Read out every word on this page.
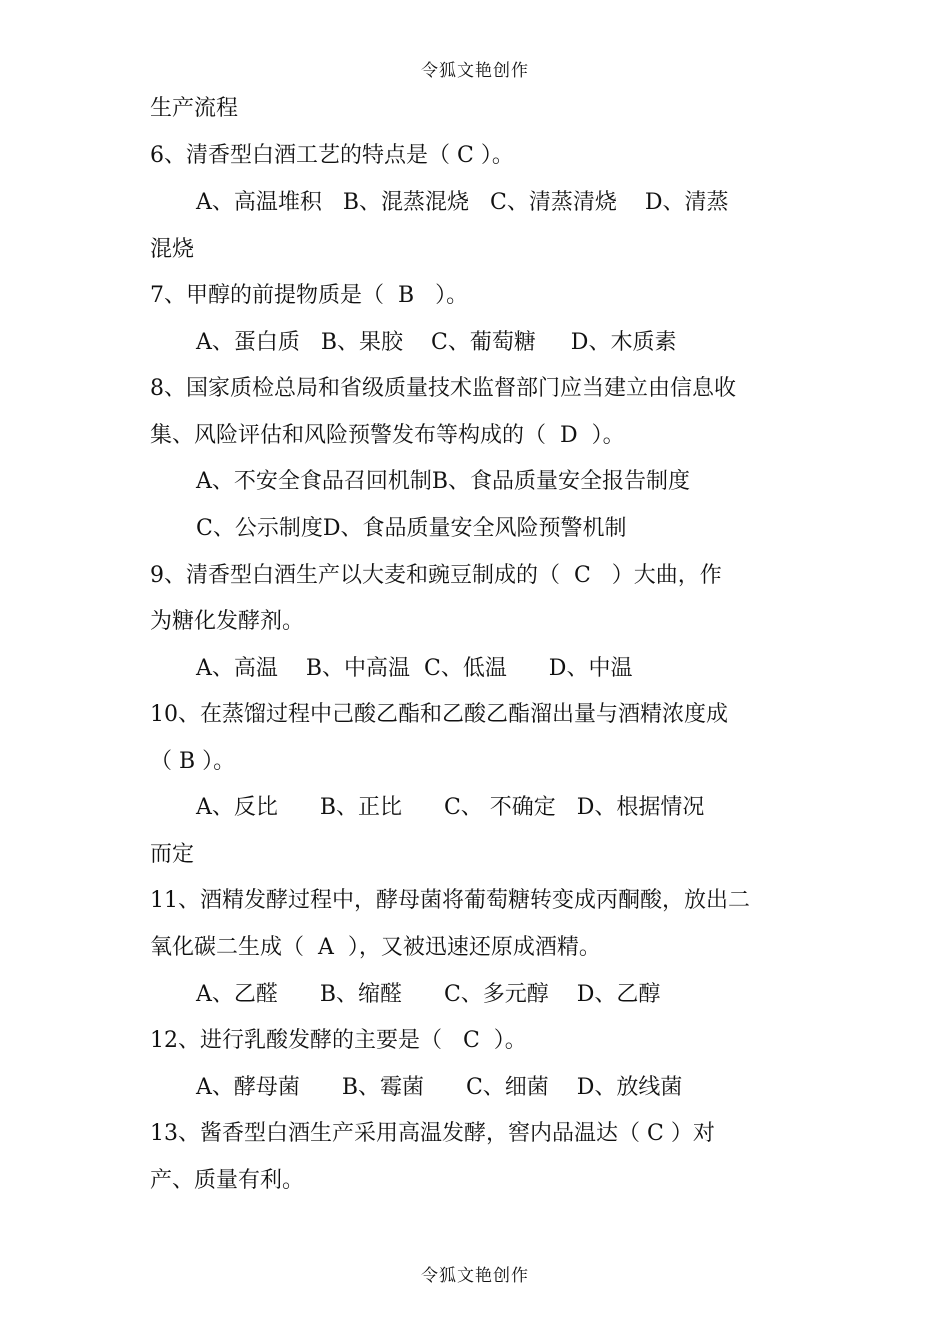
令狐文艳创作
生产流程
6、清香型白酒工艺的特点是（ C ）。
A、高温堆积   B、混蒸混烧   C、清蒸清烧    D、清蒸
混烧
7、甲醇的前提物质是（  B   ）。
A、蛋白质   B、果胶    C、葡萄糖     D、木质素
8、国家质检总局和省级质量技术监督部门应当建立由信息收
集、风险评估和风险预警发布等构成的（  D  ）。
A、不安全食品召回机制B、食品质量安全报告制度
C、公示制度D、食品质量安全风险预警机制
9、清香型白酒生产以大麦和豌豆制成的（  C   ）大曲，作
为糖化发酵剂。
A、高温    B、中高温  C、低温      D、中温
10、在蒸馏过程中己酸乙酯和乙酸乙酯溜出量与酒精浓度成
（ B ）。
A、反比      B、正比      C、 不确定   D、根据情况
而定
11、酒精发酵过程中，酵母菌将葡萄糖转变成丙酮酸，放出二
氧化碳二生成（  A  ），又被迅速还原成酒精。
A、乙醛      B、缩醛      C、多元醇    D、乙醇
12、进行乳酸发酵的主要是（   C  ）。
A、酵母菌      B、霉菌      C、细菌    D、放线菌
13、酱香型白酒生产采用高温发酵，窖内品温达（ C ）对
产、质量有利。
令狐文艳创作
